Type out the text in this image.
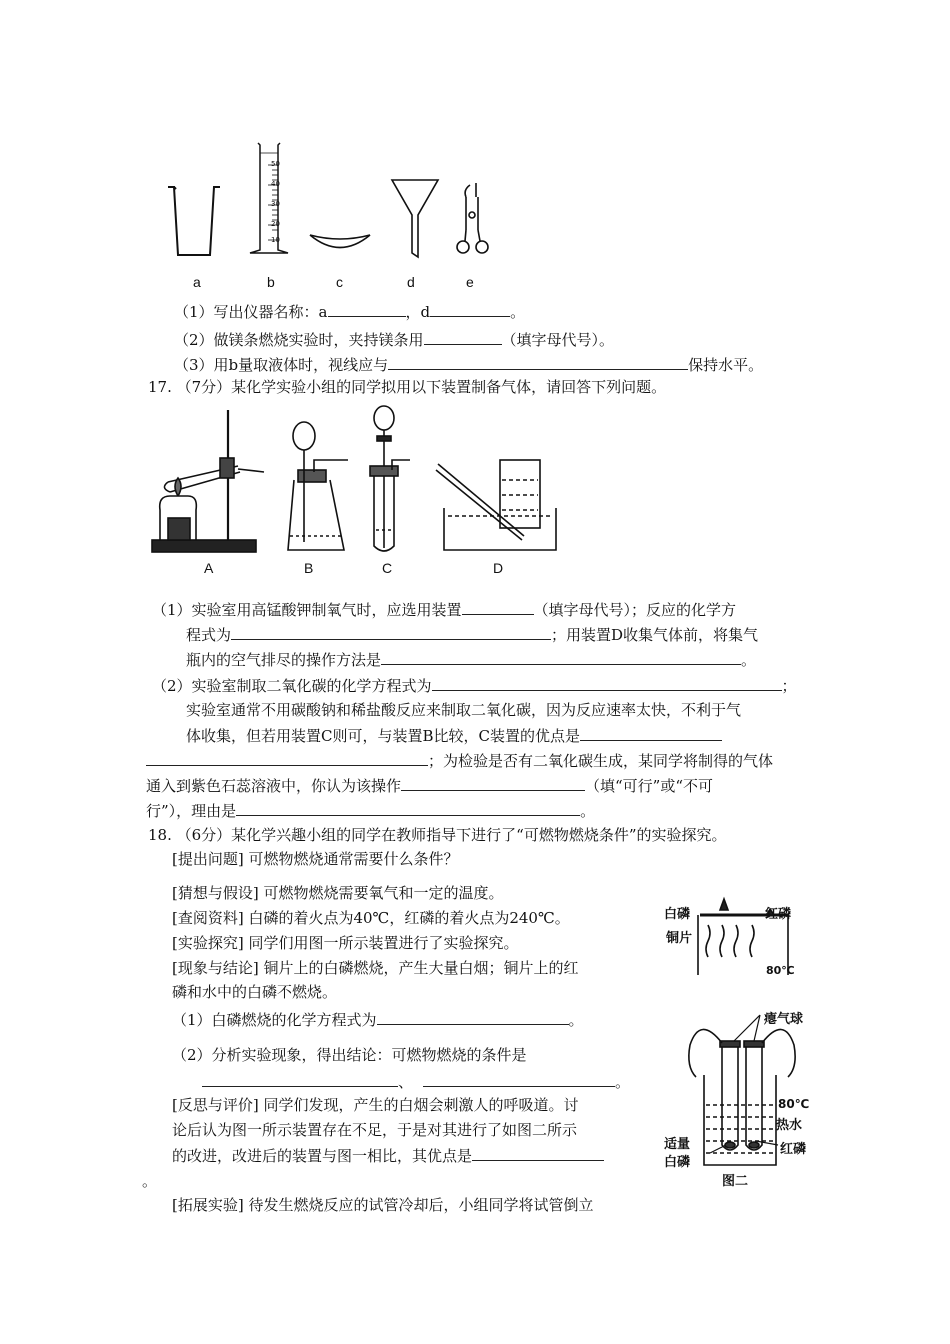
a	b	c	d	e
50
40
30
20
10
（1）写出仪器名称：a	，d	。
（2）做镁条燃烧实验时，夹持镁条用	（填字母代号）。
（3）用b量取液体时，视线应与	保持水平。
17. （7分）某化学实验小组的同学拟用以下装置制备气体，请回答下列问题。
A	B	C	D
（1）实验室用高锰酸钾制氧气时，应选用装置	（填字母代号）；反应的化学方
程式为	；用装置D收集气体前，将集气
瓶内的空气排尽的操作方法是	。
（2）实验室制取二氧化碳的化学方程式为	；
实验室通常不用碳酸钠和稀盐酸反应来制取二氧化碳，因为反应速率太快，不利于气
体收集，但若用装置C则可，与装置B比较，C装置的优点是
；为检验是否有二氧化碳生成，某同学将制得的气体
通入到紫色石蕊溶液中，你认为该操作	（填“可行”或“不可
行”），理由是	。
18. （6分）某化学兴趣小组的同学在教师指导下进行了“可燃物燃烧条件”的实验探究。
[提出问题] 可燃物燃烧通常需要什么条件？
[猜想与假设] 可燃物燃烧需要氧气和一定的温度。
[查阅资料] 白磷的着火点为40℃，红磷的着火点为240℃。
[实验探究] 同学们用图一所示装置进行了实验探究。
[现象与结论] 铜片上的白磷燃烧，产生大量白烟；铜片上的红
磷和水中的白磷不燃烧。
（1）白磷燃烧的化学方程式为	。
（2）分析实验现象，得出结论：可燃物燃烧的条件是
、	。
[反思与评价] 同学们发现，产生的白烟会刺激人的呼吸道。讨
论后认为图一所示装置存在不足，于是对其进行了如图二所示
的改进，改进后的装置与图一相比，其优点是
。
[拓展实验] 待发生燃烧反应的试管冷却后，小组同学将试管倒立
白磷	红磷
铜片
80℃
瘪气球
80℃
热水
红磷
适量
白磷
图二
